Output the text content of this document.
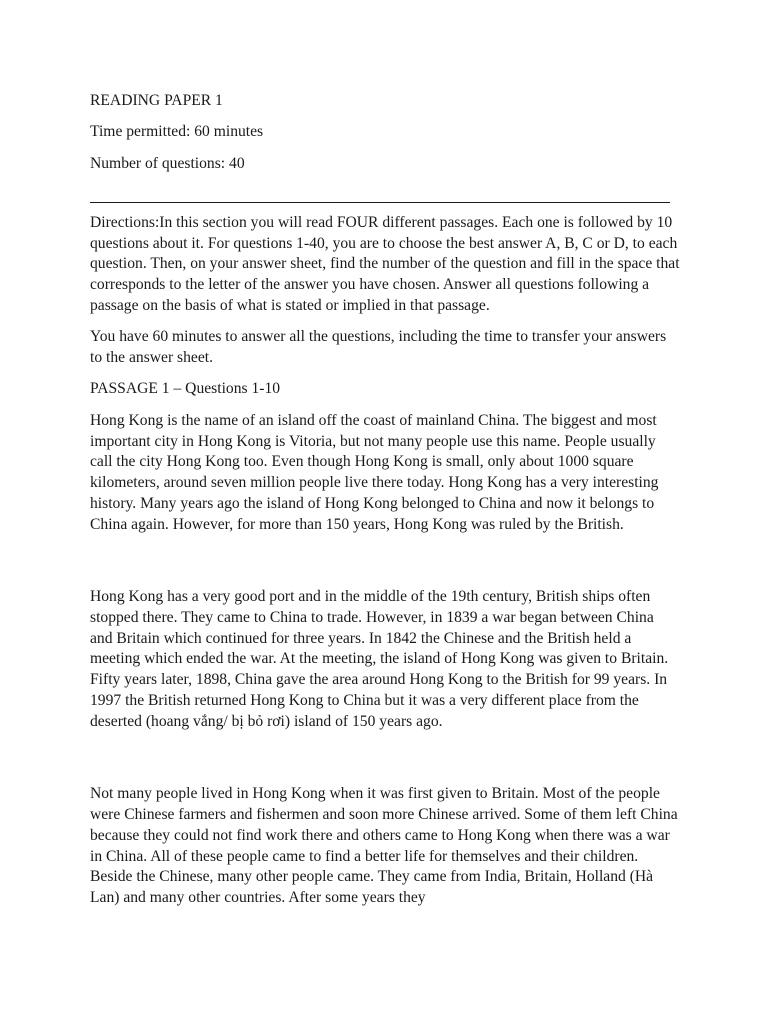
READING PAPER 1

Time permitted: 60 minutes

Number of questions: 40

Directions:In this section you will read FOUR different passages. Each one is followed by 10 questions about it. For questions 1-40, you are to choose the best answer A, B, C or D, to each question. Then, on your answer sheet, find the number of the question and fill in the space that corresponds to the letter of the answer you have chosen. Answer all questions following a passage on the basis of what is stated or implied in that passage.

You have 60 minutes to answer all the questions, including the time to transfer your answers to the answer sheet.

PASSAGE 1 – Questions 1-10

Hong Kong is the name of an island off the coast of mainland China. The biggest and most important city in Hong Kong is Vitoria, but not many people use this name. People usually call the city Hong Kong too. Even though Hong Kong is small, only about 1000 square kilometers, around seven million people live there today. Hong Kong has a very interesting history. Many years ago the island of Hong Kong belonged to China and now it belongs to China again. However, for more than 150 years, Hong Kong was ruled by the British.

Hong Kong has a very good port and in the middle of the 19th century, British ships often stopped there. They came to China to trade. However, in 1839 a war began between China and Britain which continued for three years. In 1842 the Chinese and the British held a meeting which ended the war. At the meeting, the island of Hong Kong was given to Britain. Fifty years later, 1898, China gave the area around Hong Kong to the British for 99 years. In 1997 the British returned Hong Kong to China but it was a very different place from the deserted (hoang vắng/ bị bỏ rơi) island of 150 years ago.

Not many people lived in Hong Kong when it was first given to Britain. Most of the people were Chinese farmers and fishermen and soon more Chinese arrived. Some of them left China because they could not find work there and others came to Hong Kong when there was a war in China. All of these people came to find a better life for themselves and their children. Beside the Chinese, many other people came. They came from India, Britain, Holland (Hà Lan) and many other countries. After some years they
